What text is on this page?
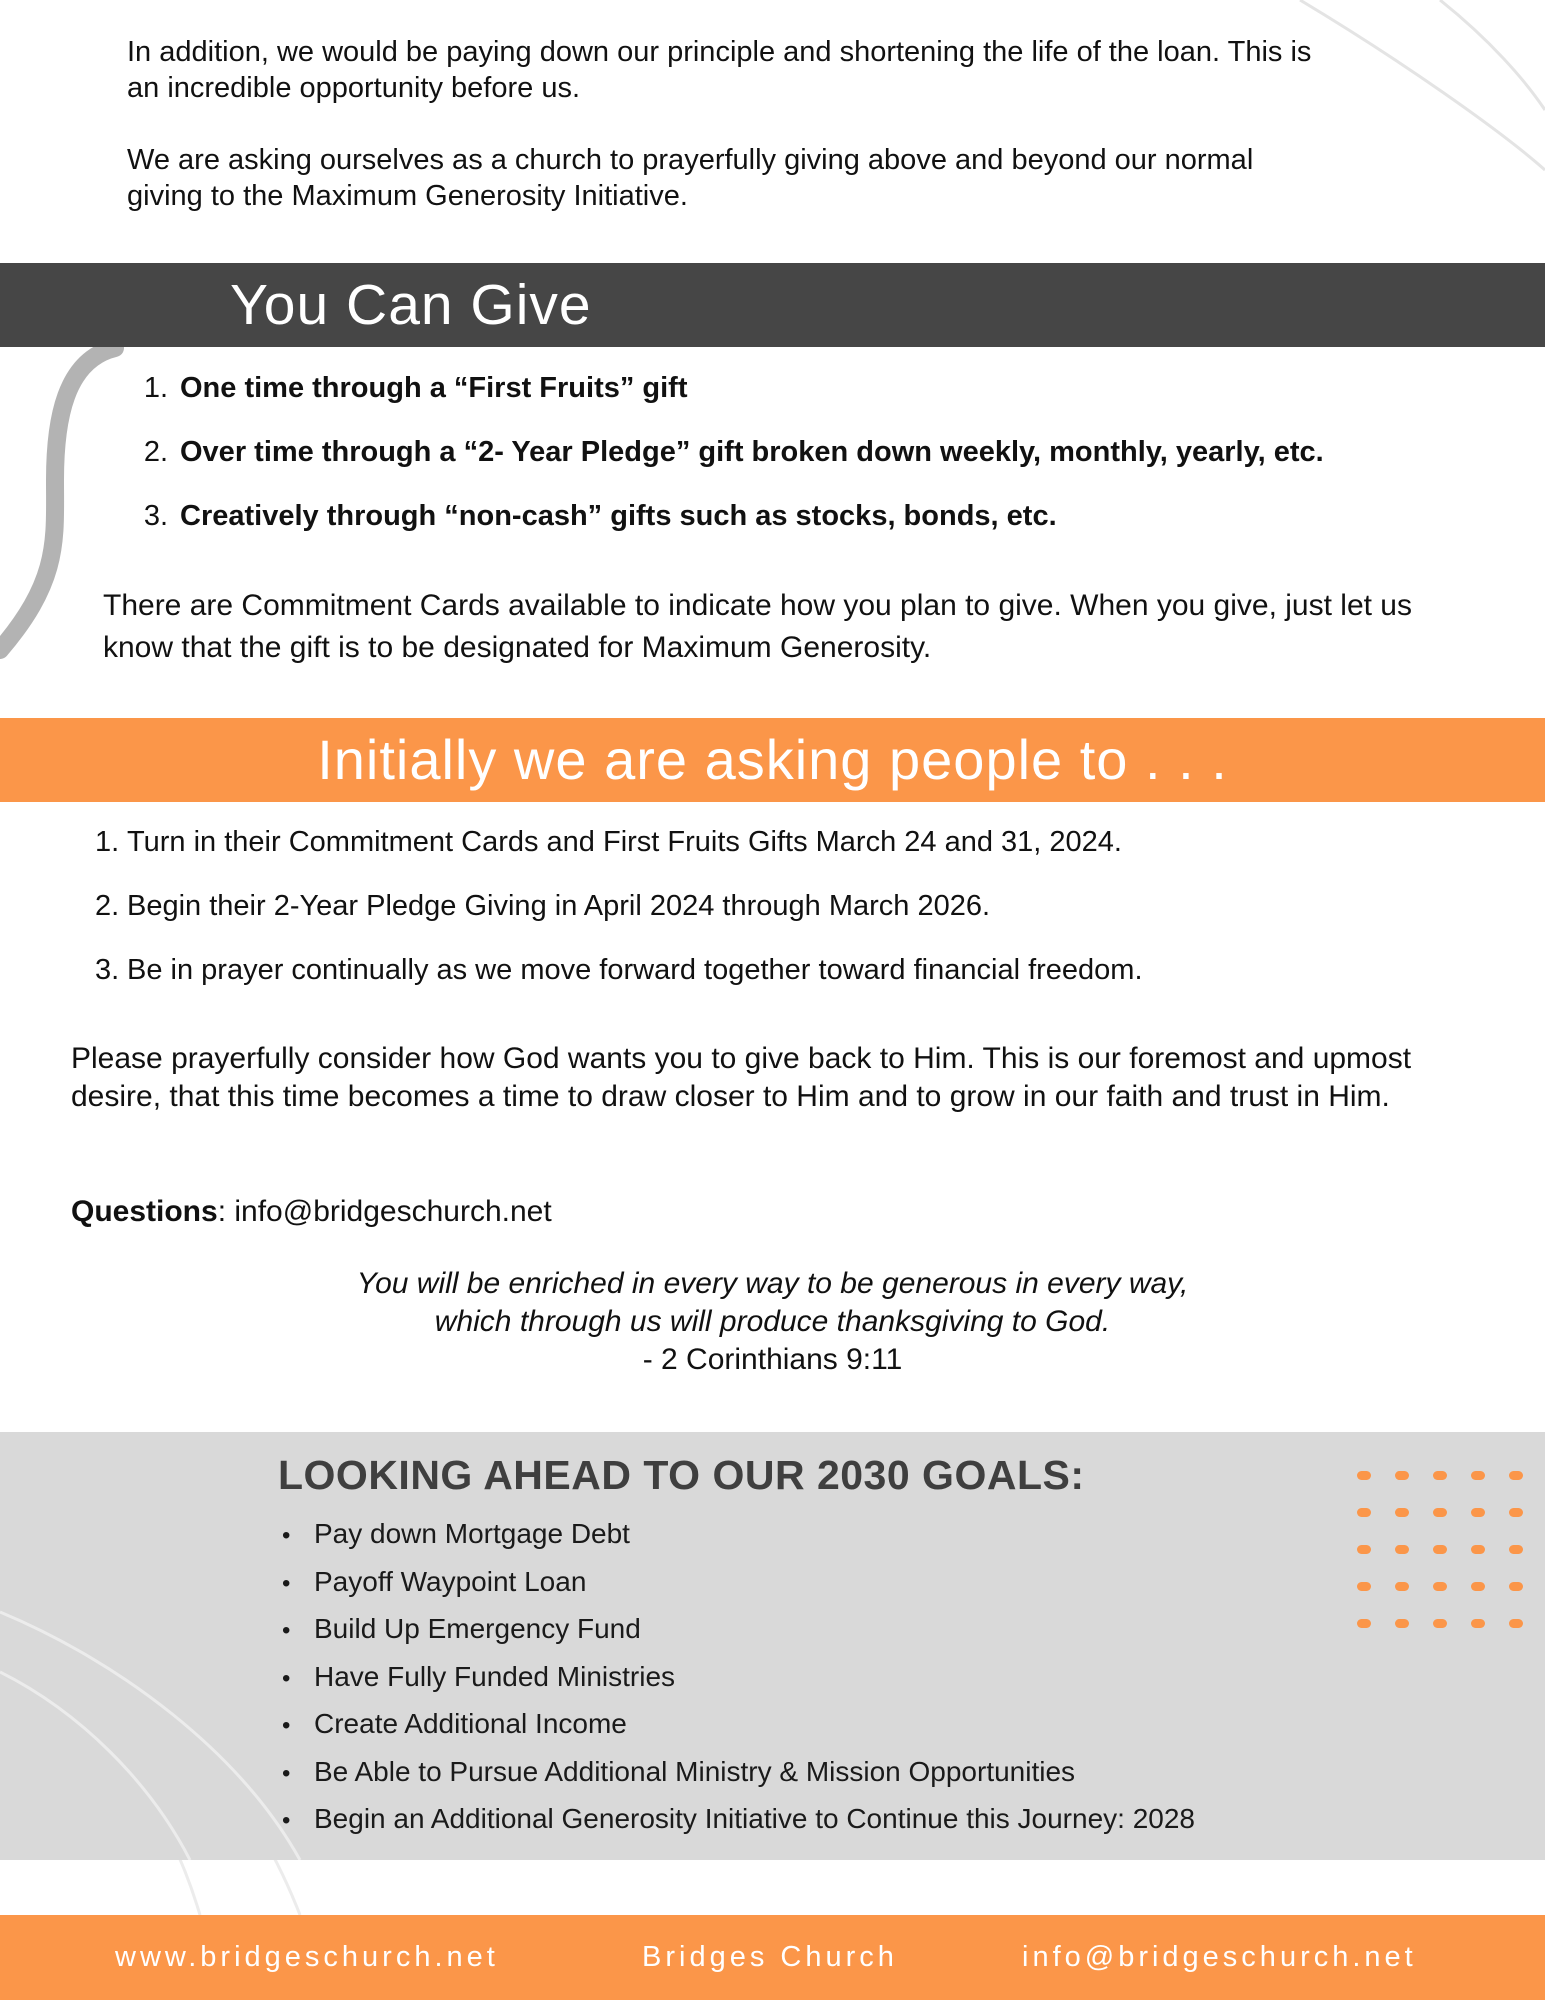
In addition, we would be paying down our principle and shortening the life of the loan. This is an incredible opportunity before us.

We are asking ourselves as a church to prayerfully giving above and beyond our normal giving to the Maximum Generosity Initiative.

You Can Give
1. One time through a “First Fruits” gift
2. Over time through a “2- Year Pledge” gift broken down weekly, monthly, yearly, etc.
3. Creatively through “non-cash” gifts such as stocks, bonds, etc.

There are Commitment Cards available to indicate how you plan to give. When you give, just let us know that the gift is to be designated for Maximum Generosity.

Initially we are asking people to . . .
1. Turn in their Commitment Cards and First Fruits Gifts March 24 and 31, 2024.
2. Begin their 2-Year Pledge Giving in April 2024 through March 2026.
3. Be in prayer continually as we move forward together toward financial freedom.

Please prayerfully consider how God wants you to give back to Him. This is our foremost and upmost desire, that this time becomes a time to draw closer to Him and to grow in our faith and trust in Him.

Questions: info@bridgeschurch.net

You will be enriched in every way to be generous in every way,
which through us will produce thanksgiving to God.
- 2 Corinthians 9:11

LOOKING AHEAD TO OUR 2030 GOALS:
• Pay down Mortgage Debt
• Payoff Waypoint Loan
• Build Up Emergency Fund
• Have Fully Funded Ministries
• Create Additional Income
• Be Able to Pursue Additional Ministry & Mission Opportunities
• Begin an Additional Generosity Initiative to Continue this Journey: 2028
www.bridgeschurch.net	Bridges Church	info@bridgeschurch.net
